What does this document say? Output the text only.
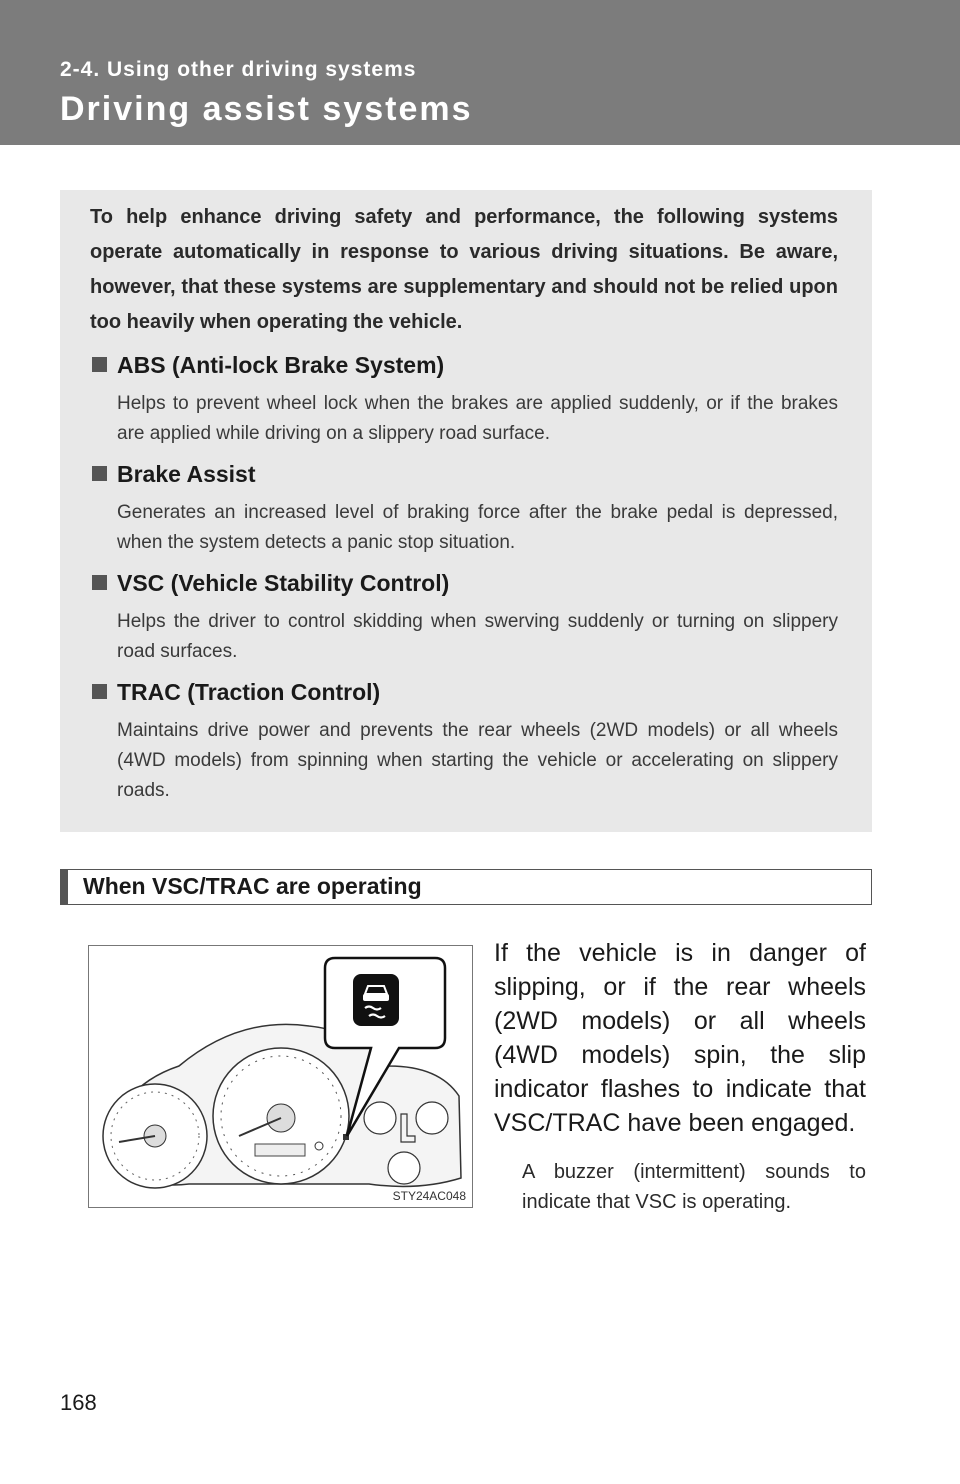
2-4. Using other driving systems
Driving assist systems
To help enhance driving safety and performance, the following systems operate automatically in response to various driving situations. Be aware, however, that these systems are supplementary and should not be relied upon too heavily when operating the vehicle.
ABS (Anti-lock Brake System)
Helps to prevent wheel lock when the brakes are applied suddenly, or if the brakes are applied while driving on a slippery road surface.
Brake Assist
Generates an increased level of braking force after the brake pedal is depressed, when the system detects a panic stop situation.
VSC (Vehicle Stability Control)
Helps the driver to control skidding when swerving suddenly or turning on slippery road surfaces.
TRAC (Traction Control)
Maintains drive power and prevents the rear wheels (2WD models) or all wheels (4WD models) from spinning when starting the vehicle or accelerating on slippery roads.
When VSC/TRAC are operating
STY24AC048
If the vehicle is in danger of slipping, or if the rear wheels (2WD models) or all wheels (4WD models) spin, the slip indicator flashes to indicate that VSC/TRAC have been engaged.
A buzzer (intermittent) sounds to indicate that VSC is operating.
168
